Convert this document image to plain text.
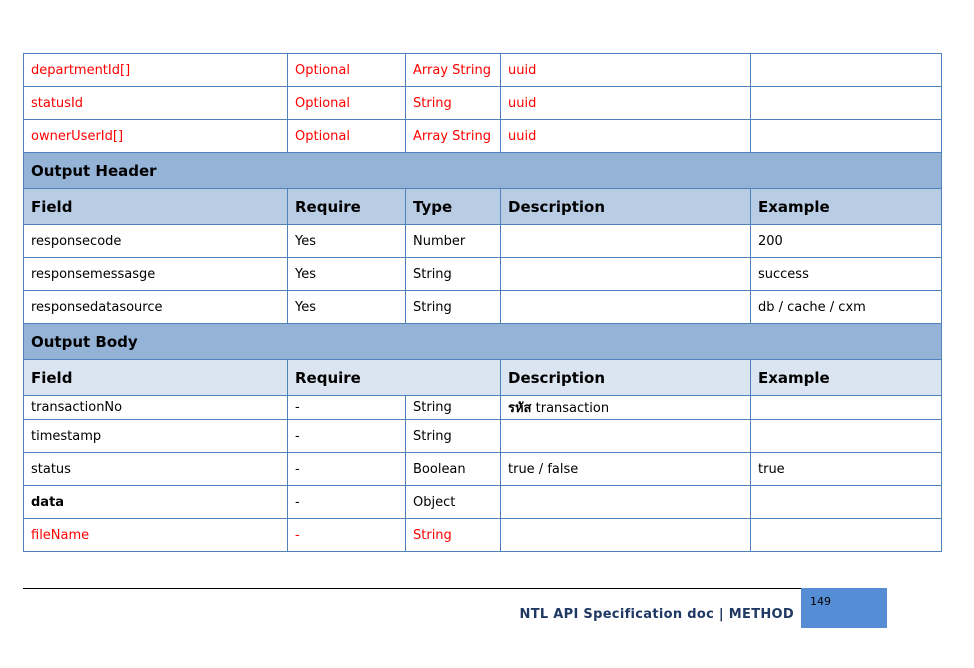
departmentId[]	Optional	Array String	uuid	
statusId	Optional	String	uuid	
ownerUserId[]	Optional	Array String	uuid	
Output Header				
Field	Require	Type	Description	Example
responsecode	Yes	Number		200
responsemessasge	Yes	String		success
responsedatasource	Yes	String		db / cache / cxm
Output Body				
Field	Require		Description	Example
transactionNo	-	String	รหัส transaction	
timestamp	-	String		
status	-	Boolean	true / false	true
data	-	Object		
fileName	-	String		
NTL API Specification doc | METHOD
149
